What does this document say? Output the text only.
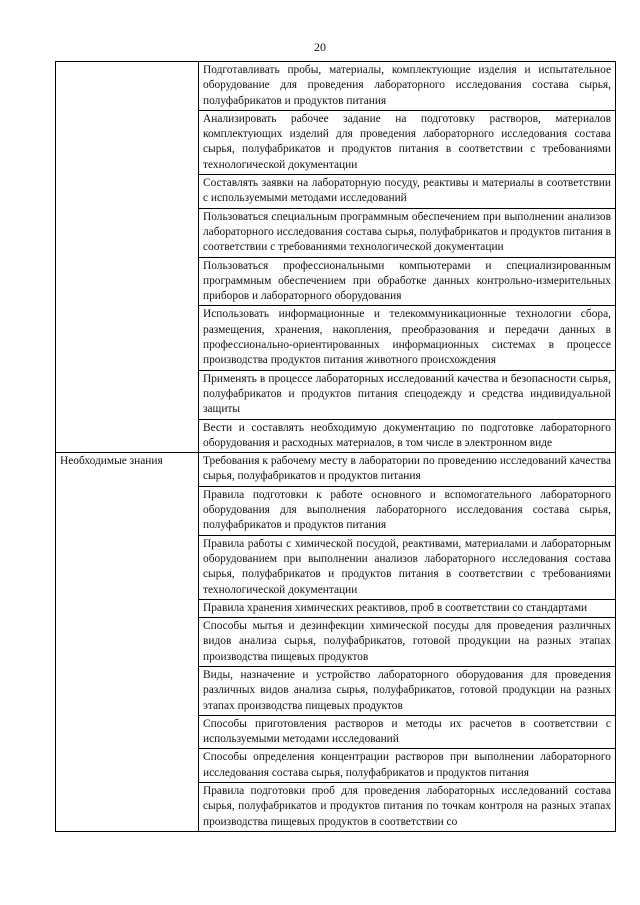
20

	Подготавливать пробы, материалы, комплектующие изделия и испытательное оборудование для проведения лабораторного исследования состава сырья, полуфабрикатов и продуктов питания

	Анализировать рабочее задание на подготовку растворов, материалов комплектующих изделий для проведения лабораторного исследования состава сырья, полуфабрикатов и продуктов питания в соответствии с требованиями технологической документации

	Составлять заявки на лабораторную посуду, реактивы и материалы в соответствии с используемыми методами исследований

	Пользоваться специальным программным обеспечением при выполнении анализов лабораторного исследования состава сырья, полуфабрикатов и продуктов питания в соответствии с требованиями технологической документации

	Пользоваться профессиональными компьютерами и специализированным программным обеспечением при обработке данных контрольно-измерительных приборов и лабораторного оборудования

	Использовать информационные и телекоммуникационные технологии сбора, размещения, хранения, накопления, преобразования и передачи данных в профессионально-ориентированных информационных системах в процессе производства продуктов питания животного происхождения

	Применять в процессе лабораторных исследований качества и безопасности сырья, полуфабрикатов и продуктов питания спецодежду и средства индивидуальной защиты

	Вести и составлять необходимую документацию по подготовке лабораторного оборудования и расходных материалов, в том числе в электронном виде

Необходимые знания	Требования к рабочему месту в лаборатории по проведению исследований качества сырья, полуфабрикатов и продуктов питания

	Правила подготовки к работе основного и вспомогательного лабораторного оборудования для выполнения лабораторного исследования состава сырья, полуфабрикатов и продуктов питания

	Правила работы с химической посудой, реактивами, материалами и лабораторным оборудованием при выполнении анализов лабораторного исследования состава сырья, полуфабрикатов и продуктов питания в соответствии с требованиями технологической документации

	Правила хранения химических реактивов, проб в соответствии со стандартами

	Способы мытья и дезинфекции химической посуды для проведения различных видов анализа сырья, полуфабрикатов, готовой продукции на разных этапах производства пищевых продуктов

	Виды, назначение и устройство лабораторного оборудования для проведения различных видов анализа сырья, полуфабрикатов, готовой продукции на разных этапах производства пищевых продуктов

	Способы приготовления растворов и методы их расчетов в соответствии с используемыми методами исследований

	Способы определения концентрации растворов при выполнении лабораторного исследования состава сырья, полуфабрикатов и продуктов питания

	Правила подготовки проб для проведения лабораторных исследований состава сырья, полуфабрикатов и продуктов питания по точкам контроля на разных этапах производства пищевых продуктов в соответствии со
